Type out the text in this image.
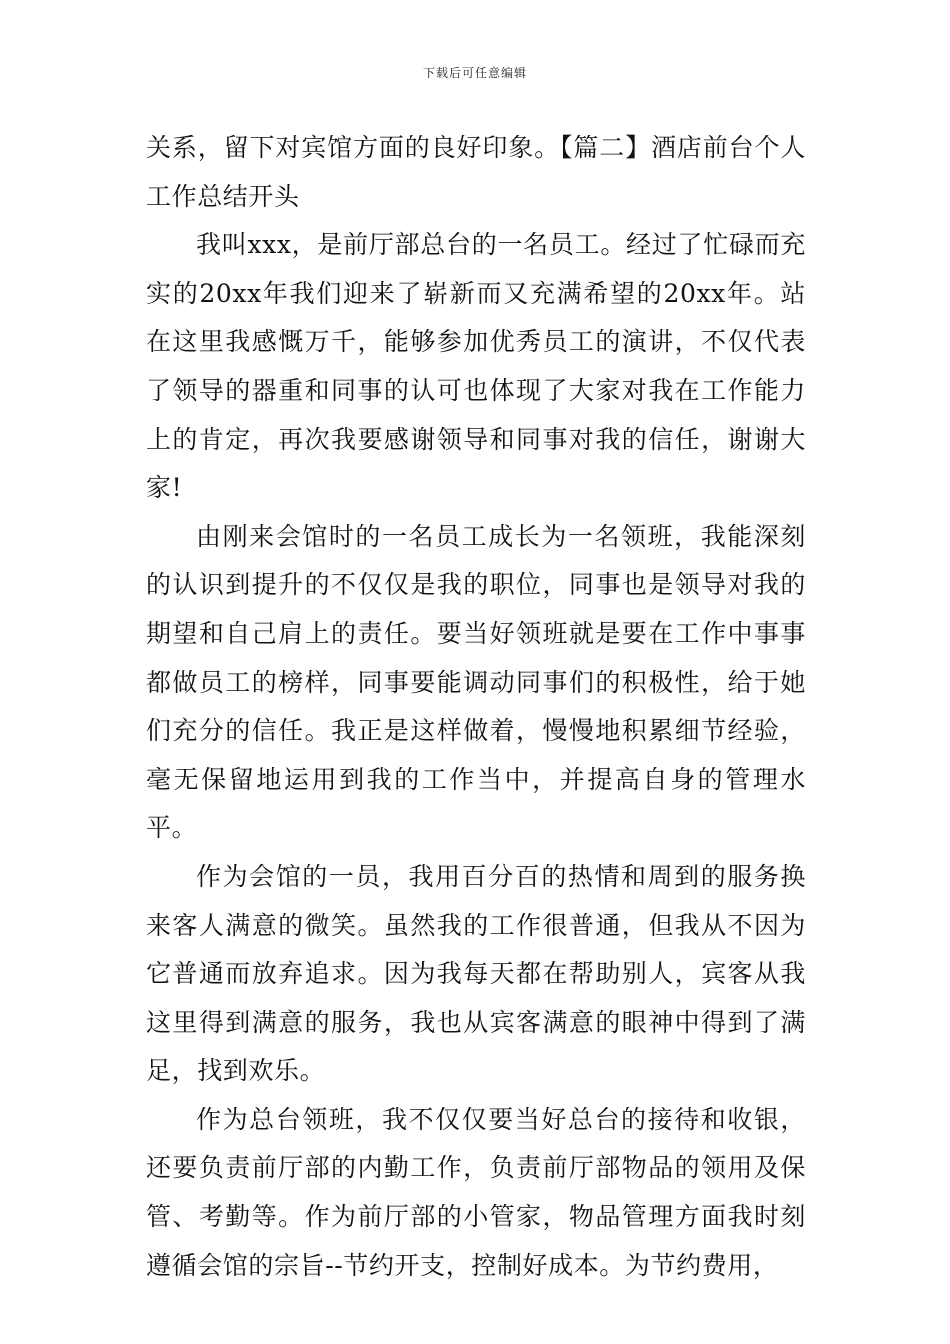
下载后可任意编辑

关系，留下对宾馆方面的良好印象。【篇二】酒店前台个人工作总结开头

我叫xxx，是前厅部总台的一名员工。经过了忙碌而充实的20xx年我们迎来了崭新而又充满希望的20xx年。站在这里我感慨万千，能够参加优秀员工的演讲，不仅代表了领导的器重和同事的认可也体现了大家对我在工作能力上的肯定，再次我要感谢领导和同事对我的信任，谢谢大家!

由刚来会馆时的一名员工成长为一名领班，我能深刻的认识到提升的不仅仅是我的职位，同事也是领导对我的期望和自己肩上的责任。要当好领班就是要在工作中事事都做员工的榜样，同事要能调动同事们的积极性，给于她们充分的信任。我正是这样做着，慢慢地积累细节经验，毫无保留地运用到我的工作当中，并提高自身的管理水平。

作为会馆的一员，我用百分百的热情和周到的服务换来客人满意的微笑。虽然我的工作很普通，但我从不因为它普通而放弃追求。因为我每天都在帮助别人，宾客从我这里得到满意的服务，我也从宾客满意的眼神中得到了满足，找到欢乐。

作为总台领班，我不仅仅要当好总台的接待和收银，还要负责前厅部的内勤工作，负责前厅部物品的领用及保管、考勤等。作为前厅部的小管家，物品管理方面我时刻遵循会馆的宗旨--节约开支，控制好成本。为节约费用，
